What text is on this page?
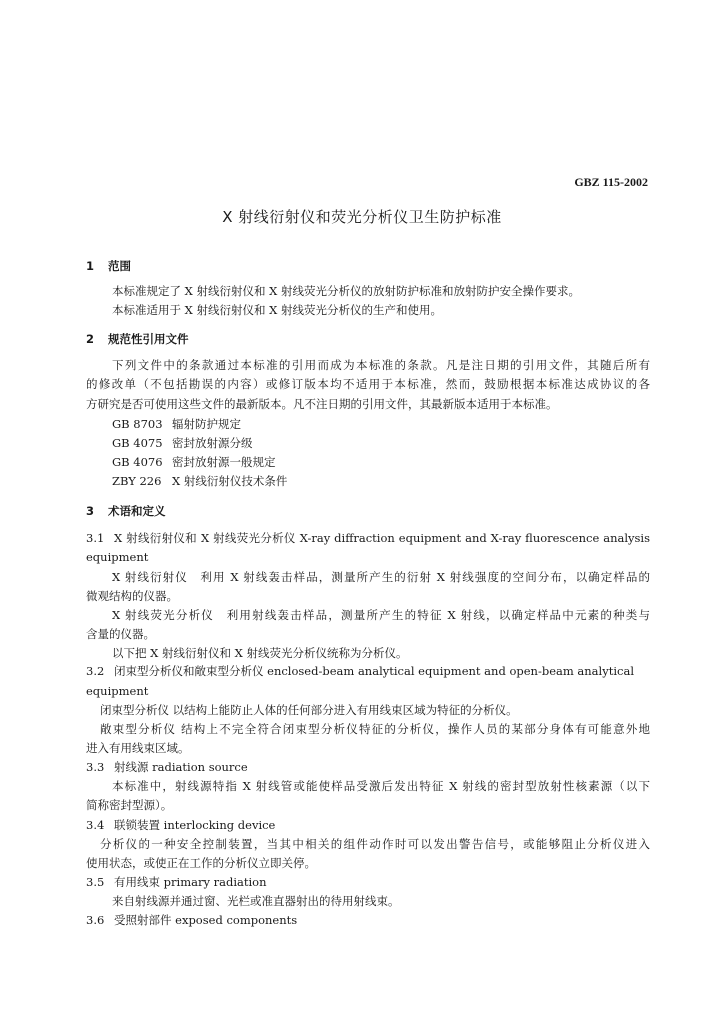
GBZ 115-2002
X 射线衍射仪和荧光分析仪卫生防护标准
1 范围
本标准规定了 X 射线衍射仪和 X 射线荧光分析仪的放射防护标准和放射防护安全操作要求。
本标准适用于 X 射线衍射仪和 X 射线荧光分析仪的生产和使用。
2 规范性引用文件
下列文件中的条款通过本标准的引用而成为本标准的条款。凡是注日期的引用文件，其随后所有
的修改单（不包括勘误的内容）或修订版本均不适用于本标准，然而，鼓励根据本标准达成协议的各
方研究是否可使用这些文件的最新版本。凡不注日期的引用文件，其最新版本适用于本标准。
GB 8703 辐射防护规定
GB 4075 密封放射源分级
GB 4076 密封放射源一般规定
ZBY 226 X 射线衍射仪技术条件
3 术语和定义
3.1 X 射线衍射仪和 X 射线荧光分析仪 X-ray diffraction equipment and X-ray fluorescence analysis
equipment
X 射线衍射仪　利用 X 射线轰击样品，测量所产生的衍射 X 射线强度的空间分布，以确定样品的
微观结构的仪器。
X 射线荧光分析仪　利用射线轰击样品，测量所产生的特征 X 射线，以确定样品中元素的种类与
含量的仪器。
以下把 X 射线衍射仪和 X 射线荧光分析仪统称为分析仪。
3.2 闭束型分析仪和敞束型分析仪 enclosed-beam analytical equipment and open-beam analytical
equipment
闭束型分析仪 以结构上能防止人体的任何部分进入有用线束区域为特征的分析仪。
敞束型分析仪 结构上不完全符合闭束型分析仪特征的分析仪，操作人员的某部分身体有可能意外地
进入有用线束区域。
3.3 射线源 radiation source
本标准中，射线源特指 X 射线管或能使样品受激后发出特征 X 射线的密封型放射性核素源（以下
简称密封型源）。
3.4 联锁装置 interlocking device
分析仪的一种安全控制装置，当其中相关的组件动作时可以发出警告信号，或能够阻止分析仪进入
使用状态，或使正在工作的分析仪立即关停。
3.5 有用线束 primary radiation
来自射线源并通过窗、光栏或准直器射出的待用射线束。
3.6 受照射部件 exposed components
